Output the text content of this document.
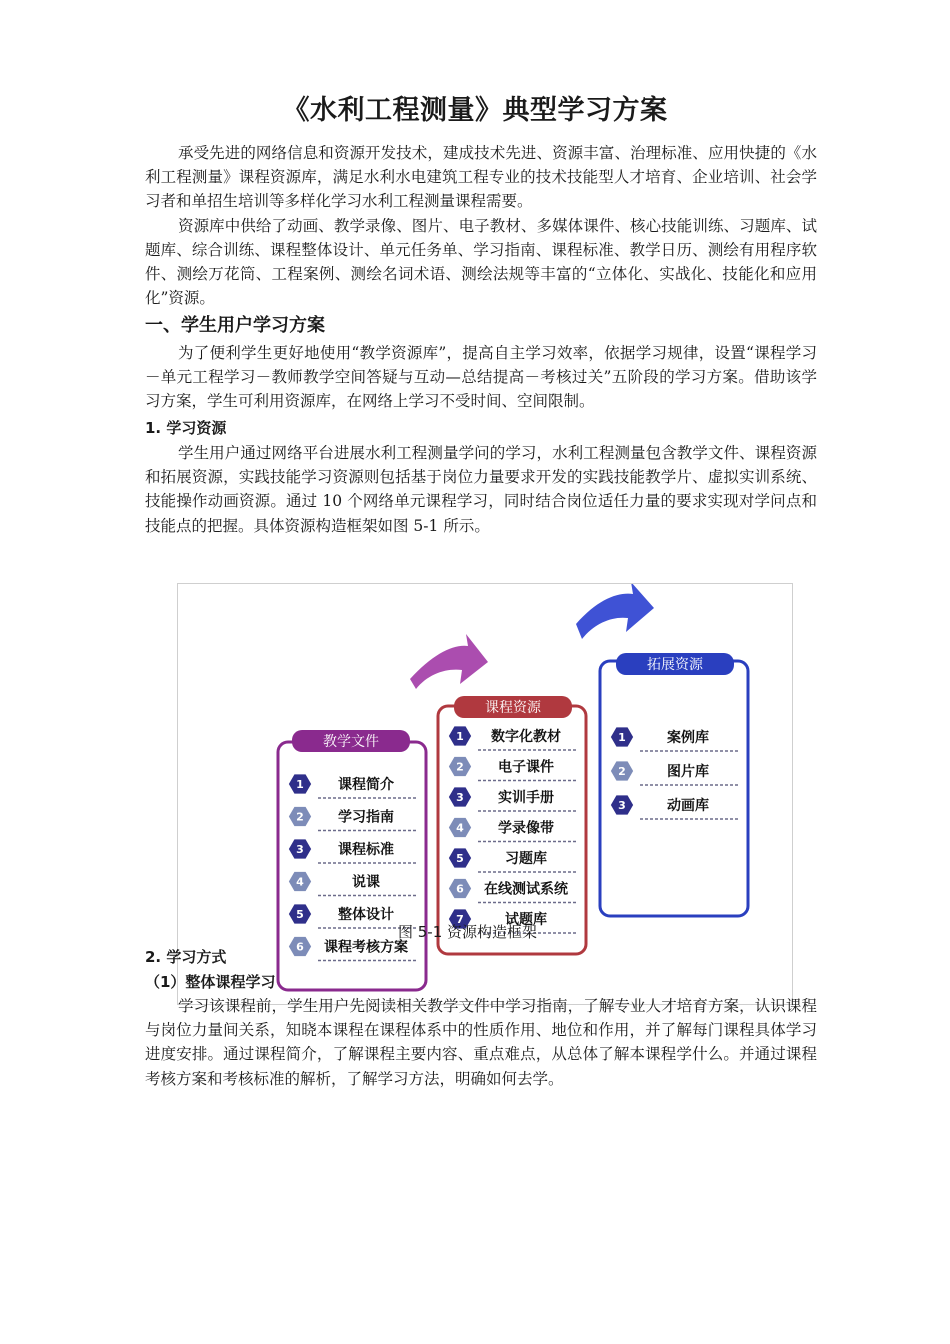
《水利工程测量》典型学习方案

承受先进的网络信息和资源开发技术，建成技术先进、资源丰富、治理标准、应用快捷的《水利工程测量》课程资源库，满足水利水电建筑工程专业的技术技能型人才培育、企业培训、社会学习者和单招生培训等多样化学习水利工程测量课程需要。

资源库中供给了动画、教学录像、图片、电子教材、多媒体课件、核心技能训练、习题库、试题库、综合训练、课程整体设计、单元任务单、学习指南、课程标准、教学日历、测绘有用程序软件、测绘万花筒、工程案例、测绘名词术语、测绘法规等丰富的“立体化、实战化、技能化和应用化”资源。

一、学生用户学习方案

为了便利学生更好地使用“教学资源库”，提高自主学习效率，依据学习规律，设置“课程学习－单元工程学习－教师教学空间答疑与互动—总结提高－考核过关”五阶段的学习方案。借助该学习方案，学生可利用资源库，在网络上学习不受时间、空间限制。

1. 学习资源

学生用户通过网络平台进展水利工程测量学问的学习，水利工程测量包含教学文件、课程资源和拓展资源，实践技能学习资源则包括基于岗位力量要求开发的实践技能教学片、虚拟实训系统、技能操作动画资源。通过 10 个网络单元课程学习，同时结合岗位适任力量的要求实现对学问点和技能点的把握。具体资源构造框架如图 5-1 所示。

教学文件
课程资源
拓展资源
1 课程简介
2 学习指南
3 课程标准
4	说课
5 整体设计
6 课程考核方案
1 数字化教材
2 电子课件
3 实训手册
4 学录像带
5	习题库
6 在线测试系统
7	试题库
1	案例库
2	图片库
3	动画库
图 5-1 资源构造框架
2. 学习方式
（1）整体课程学习

学习该课程前，学生用户先阅读相关教学文件中学习指南，了解专业人才培育方案，认识课程与岗位力量间关系，知晓本课程在课程体系中的性质作用、地位和作用，并了解每门课程具体学习进度安排。通过课程简介，了解课程主要内容、重点难点，从总体了解本课程学什么。并通过课程考核方案和考核标准的解析，了解学习方法，明确如何去学。
